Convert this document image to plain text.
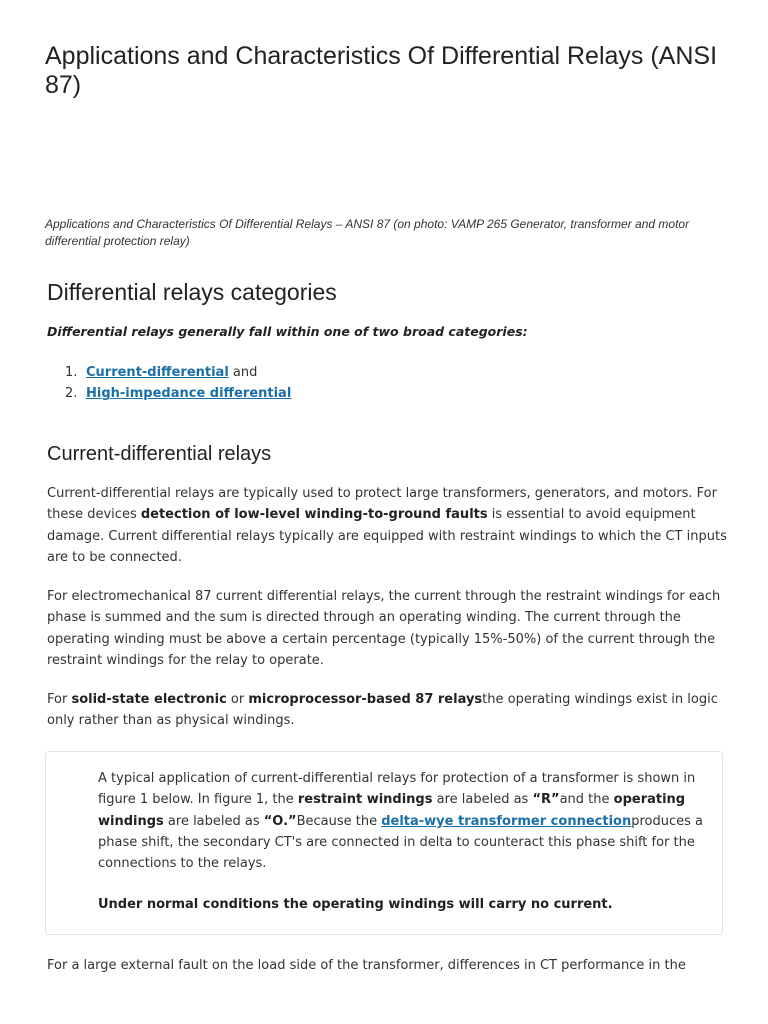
Applications and Characteristics Of Differential Relays (ANSI 87)

Applications and Characteristics Of Differential Relays – ANSI 87 (on photo: VAMP 265 Generator, transformer and motor differential protection relay)

Differential relays categories

Differential relays generally fall within one of two broad categories:

1. Current-differential and
2. High-impedance differential
Current-differential relays

Current-differential relays are typically used to protect large transformers, generators, and motors. For these devices detection of low-level winding-to-ground faults is essential to avoid equipment damage. Current differential relays typically are equipped with restraint windings to which the CT inputs are to be connected.

For electromechanical 87 current differential relays, the current through the restraint windings for each phase is summed and the sum is directed through an operating winding. The current through the operating winding must be above a certain percentage (typically 15%-50%) of the current through the restraint windings for the relay to operate.

For solid-state electronic or microprocessor-based 87 relaysthe operating windings exist in logic only rather than as physical windings.

A typical application of current-differential relays for protection of a transformer is shown in figure 1 below. In figure 1, the restraint windings are labeled as “R”and the operating windings are labeled as “O.”Because the delta-wye transformer connectionproduces a phase shift, the secondary CT's are connected in delta to counteract this phase shift for the connections to the relays.

Under normal conditions the operating windings will carry no current.

For a large external fault on the load side of the transformer, differences in CT performance in the
